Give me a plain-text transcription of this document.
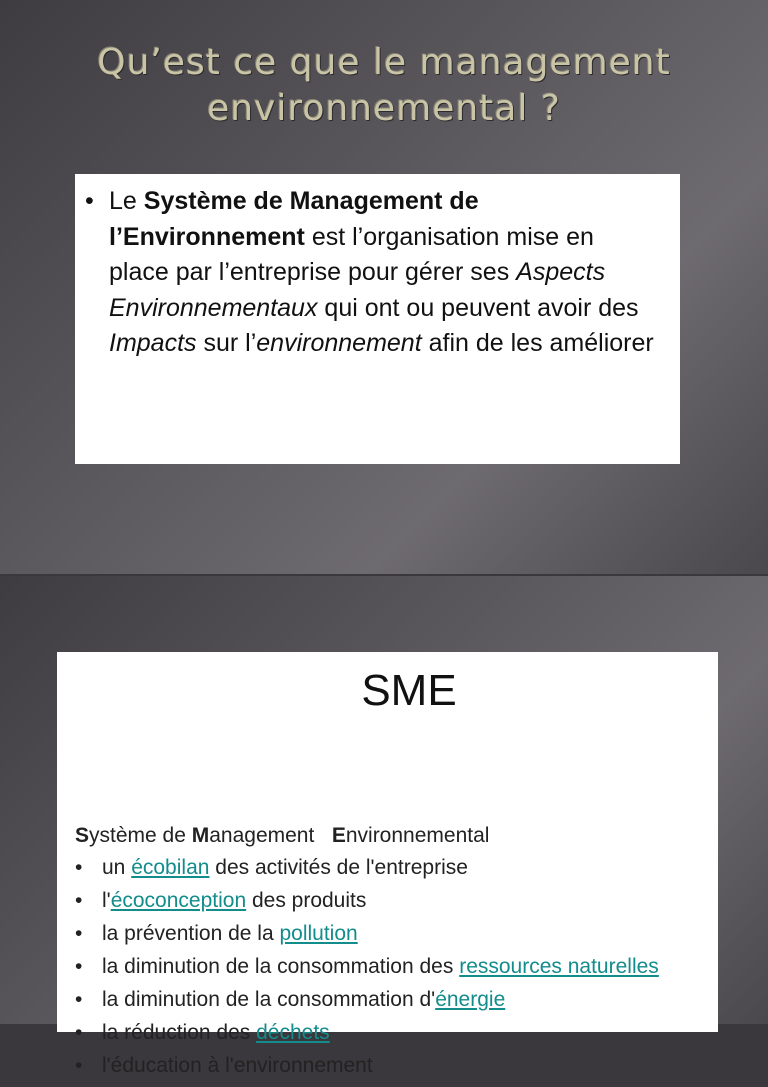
Qu’est ce que le management
environnemental ?

• Le Système de Management de l’Environnement est l’organisation mise en place par l’entreprise pour gérer ses Aspects Environnementaux qui ont ou peuvent avoir des Impacts sur l’environnement afin de les améliorer

SME
Système de Management   Environnemental
• un écobilan des activités de l'entreprise
• l'écoconception des produits
• la prévention de la pollution
• la diminution de la consommation des ressources naturelles
• la diminution de la consommation d'énergie
• la réduction des déchets
• l'éducation à l'environnement
